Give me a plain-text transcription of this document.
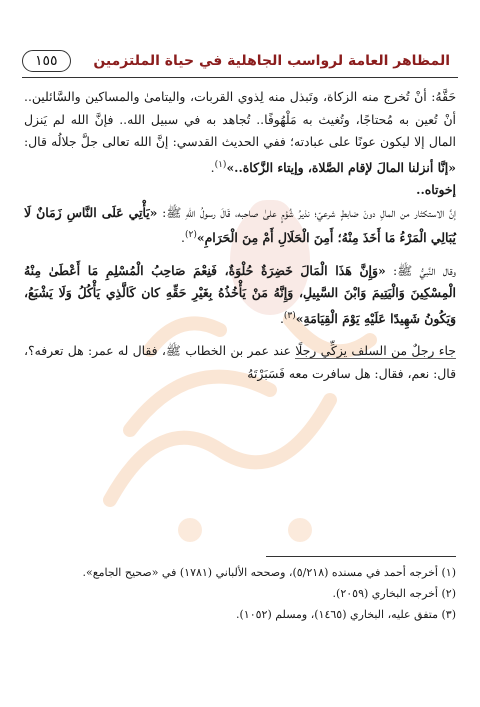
المظاهر العامة لرواسب الجاهلية في حياة الملتزمين
١٥٥

حَقَّهُ: أنْ تُخرج منه الزكاة، وتَبذل منه لِذوي القربات، واليتامىٰ والمساكين والسَّائلين.. أنْ تُعين به مُحتاجًا، وتُغيث به مَلْهُوفًا.. تُجاهد به في سبيل الله.. فإنَّ الله لم يَنزل المال إلا ليكون عونًا على عبادته؛ ففي الحديث القدسي: إنَّ الله تعالى جلَّ جلالُه قال: «إنَّا أنزلنا المالَ لإقام الصَّلاة، وإيتاء الزَّكاة..»$^{(١)}$.

إخوتاه..

إنَّ الاستكثار من المالِ دونَ ضابطٍ شرعيّ؛ نذيرُ شُؤمٍ علىٰ صاحبه، قَالَ رسولُ اللّهِ ﷺ: «يَأْتِي عَلَى النَّاسِ زَمَانٌ لَا يُبَالِي الْمَرْءُ مَا أَخَذَ مِنْهُ؛ أَمِنَ الْحَلَالِ أَمْ مِنَ الْحَرَامِ»$^{(٢)}$.

وقال النَّبيُّ ﷺ: «وَإِنَّ هَذَا الْمَالَ خَضِرَةٌ حُلْوَةٌ، فَنِعْمَ صَاحِبُ الْمُسْلِمِ مَا أَعْطَىٰ مِنْهُ الْمِسْكِينَ وَالْيَتِيمَ وَابْنَ السَّبِيلِ، وَإِنَّهُ مَنْ يَأْخُذُهُ بِغَيْرِ حَقِّهِ كان كَالَّذِي يَأْكُلُ وَلَا يَشْبَعُ، وَيَكُونُ شَهِيدًا عَلَيْهِ يَوْمَ الْقِيَامَةِ»$^{(٣)}$.

جاء رجلٌ من السلف يزكِّي رجلًا عند عمر بن الخطاب ﷺ، فقال له عمر: هل تعرفه؟، قال: نعم، فقال: هل سافرت معه فَسَبَرْتَهُ

(١) أخرجه أحمد في مسنده (٥/٢١٨)، وصححه الألباني (١٧٨١) في «صحيح الجامع».

(٢) أخرجه البخاري (٢٠٥٩).

(٣) متفق عليه، البخاري (١٤٦٥)، ومسلم (١٠٥٢).
